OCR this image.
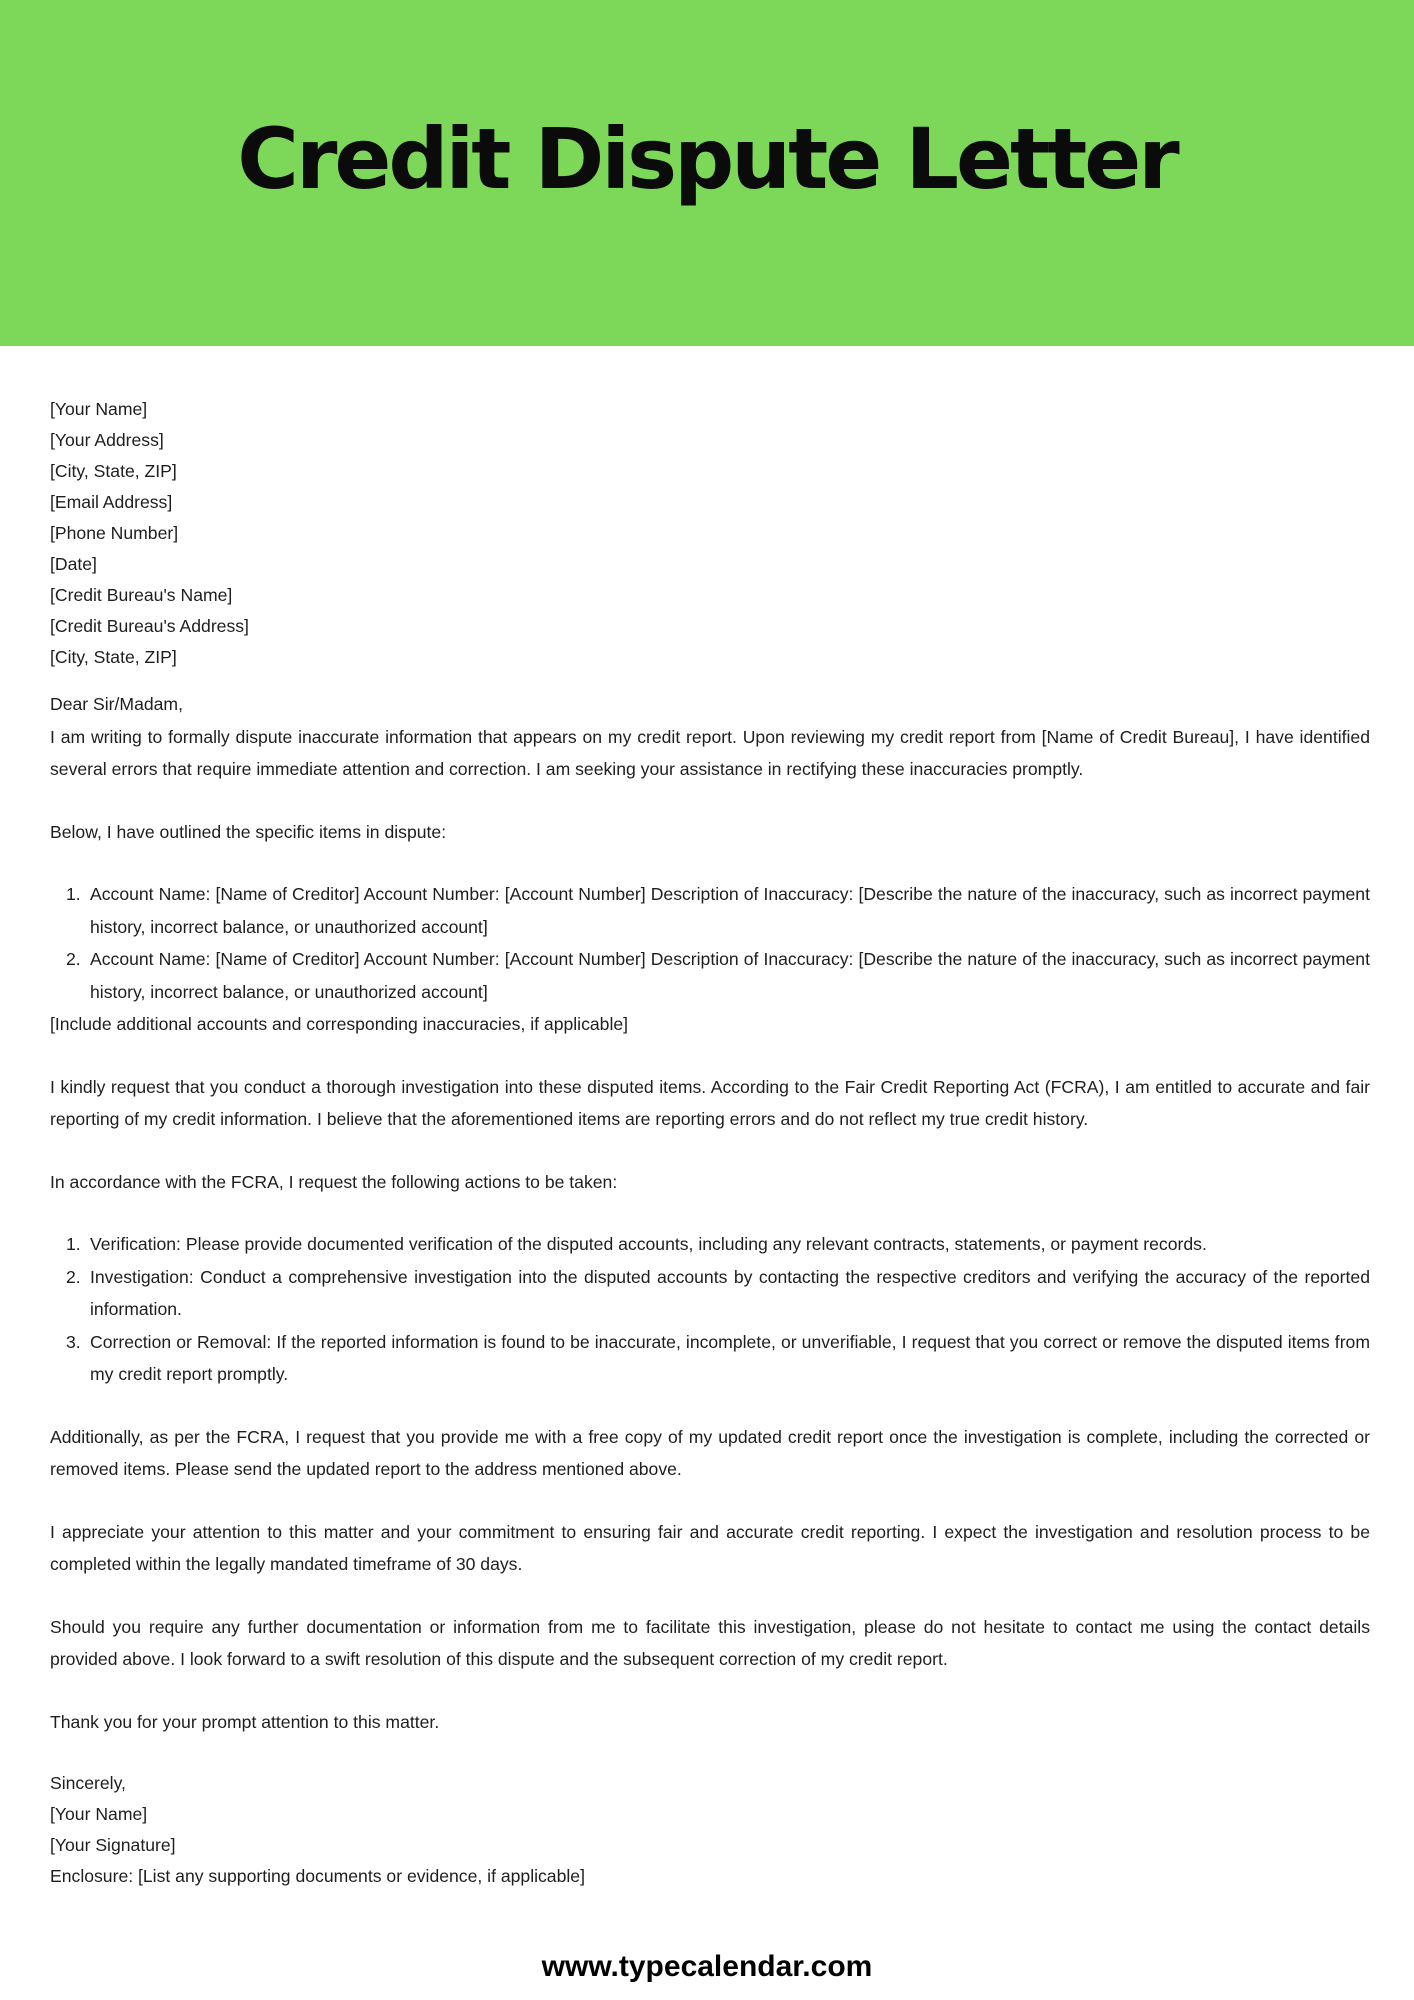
Credit Dispute Letter
[Your Name]
[Your Address]
[City, State, ZIP]
[Email Address]
[Phone Number]
[Date]
[Credit Bureau's Name]
[Credit Bureau's Address]
[City, State, ZIP]
Dear Sir/Madam,
I am writing to formally dispute inaccurate information that appears on my credit report. Upon reviewing my credit report from [Name of Credit Bureau], I have identified several errors that require immediate attention and correction. I am seeking your assistance in rectifying these inaccuracies promptly.

Below, I have outlined the specific items in dispute:

Account Name: [Name of Creditor] Account Number: [Account Number] Description of Inaccuracy: [Describe the nature of the inaccuracy, such as incorrect payment history, incorrect balance, or unauthorized account]
Account Name: [Name of Creditor] Account Number: [Account Number] Description of Inaccuracy: [Describe the nature of the inaccuracy, such as incorrect payment history, incorrect balance, or unauthorized account]

[Include additional accounts and corresponding inaccuracies, if applicable]

I kindly request that you conduct a thorough investigation into these disputed items. According to the Fair Credit Reporting Act (FCRA), I am entitled to accurate and fair reporting of my credit information. I believe that the aforementioned items are reporting errors and do not reflect my true credit history.

In accordance with the FCRA, I request the following actions to be taken:

Verification: Please provide documented verification of the disputed accounts, including any relevant contracts, statements, or payment records.
Investigation: Conduct a comprehensive investigation into the disputed accounts by contacting the respective creditors and verifying the accuracy of the reported information.
Correction or Removal: If the reported information is found to be inaccurate, incomplete, or unverifiable, I request that you correct or remove the disputed items from my credit report promptly.

Additionally, as per the FCRA, I request that you provide me with a free copy of my updated credit report once the investigation is complete, including the corrected or removed items. Please send the updated report to the address mentioned above.

I appreciate your attention to this matter and your commitment to ensuring fair and accurate credit reporting. I expect the investigation and resolution process to be completed within the legally mandated timeframe of 30 days.

Should you require any further documentation or information from me to facilitate this investigation, please do not hesitate to contact me using the contact details provided above. I look forward to a swift resolution of this dispute and the subsequent correction of my credit report.

Thank you for your prompt attention to this matter.

Sincerely,
[Your Name]
[Your Signature]
Enclosure: [List any supporting documents or evidence, if applicable]
www.typecalendar.com
